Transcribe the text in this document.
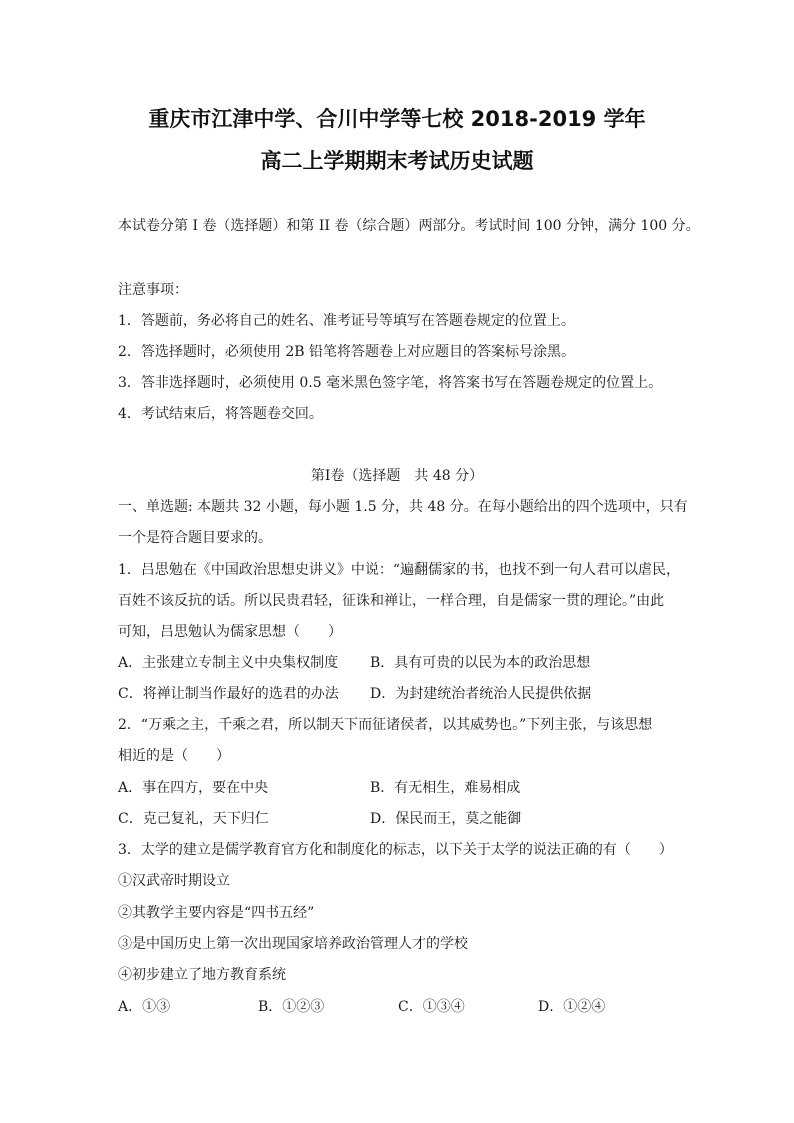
重庆市江津中学、合川中学等七校 2018-2019 学年
高二上学期期末考试历史试题
本试卷分第 I 卷（选择题）和第 II 卷（综合题）两部分。考试时间 100 分钟，满分 100 分。
注意事项：
1．答题前，务必将自己的姓名、准考证号等填写在答题卷规定的位置上。
2．答选择题时，必须使用 2B 铅笔将答题卷上对应题目的答案标号涂黑。
3．答非选择题时，必须使用 0.5 毫米黑色签字笔，将答案书写在答题卷规定的位置上。
4．考试结束后，将答题卷交回。
第Ⅰ卷（选择题　共 48 分）
一、单选题: 本题共 32 小题，每小题 1.5 分，共 48 分。在每小题给出的四个选项中，只有
一个是符合题目要求的。
1．吕思勉在《中国政治思想史讲义》中说：“遍翻儒家的书，也找不到一句人君可以虐民，
百姓不该反抗的话。所以民贵君轻，征诛和禅让，一样合理，自是儒家一贯的理论。”由此
可知，吕思勉认为儒家思想（　　）
A．主张建立专制主义中央集权制度 B．具有可贵的以民为本的政治思想
C．将禅让制当作最好的选君的办法 D．为封建统治者统治人民提供依据
2．“万乘之主，千乘之君，所以制天下而征诸侯者，以其威势也。”下列主张，与该思想
相近的是（　　）
A．事在四方，要在中央	B．有无相生，难易相成
C．克己复礼，天下归仁	D．保民而王，莫之能御
3．太学的建立是儒学教育官方化和制度化的标志，以下关于太学的说法正确的有（　　）
①汉武帝时期设立
②其教学主要内容是“四书五经”
③是中国历史上第一次出现国家培养政治管理人才的学校
④初步建立了地方教育系统
A．①③	B．①②③	C．①③④	D．①②④
